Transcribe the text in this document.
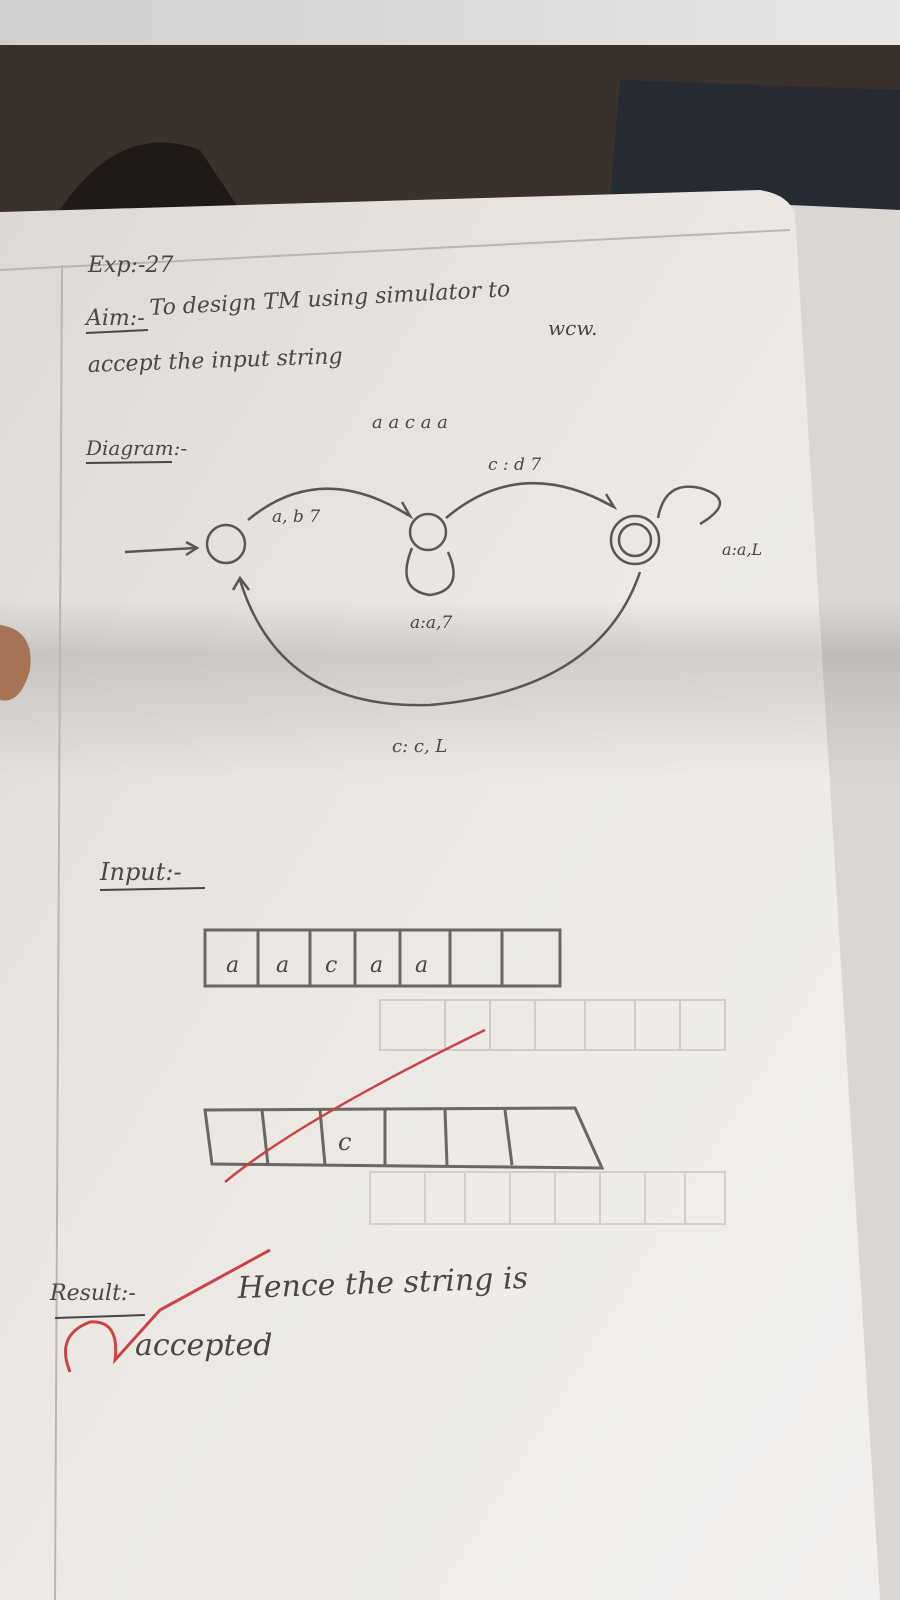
Exp:-27
Aim:- To design TM using simulator to
accept the input string
wcw.
Diagram:-
a a c a a
a, b 7
c : d 7
a:a,7
a:a,L
c: c, L
Input:-
a a c a a
c
Result:-	Hence the string is
accepted
